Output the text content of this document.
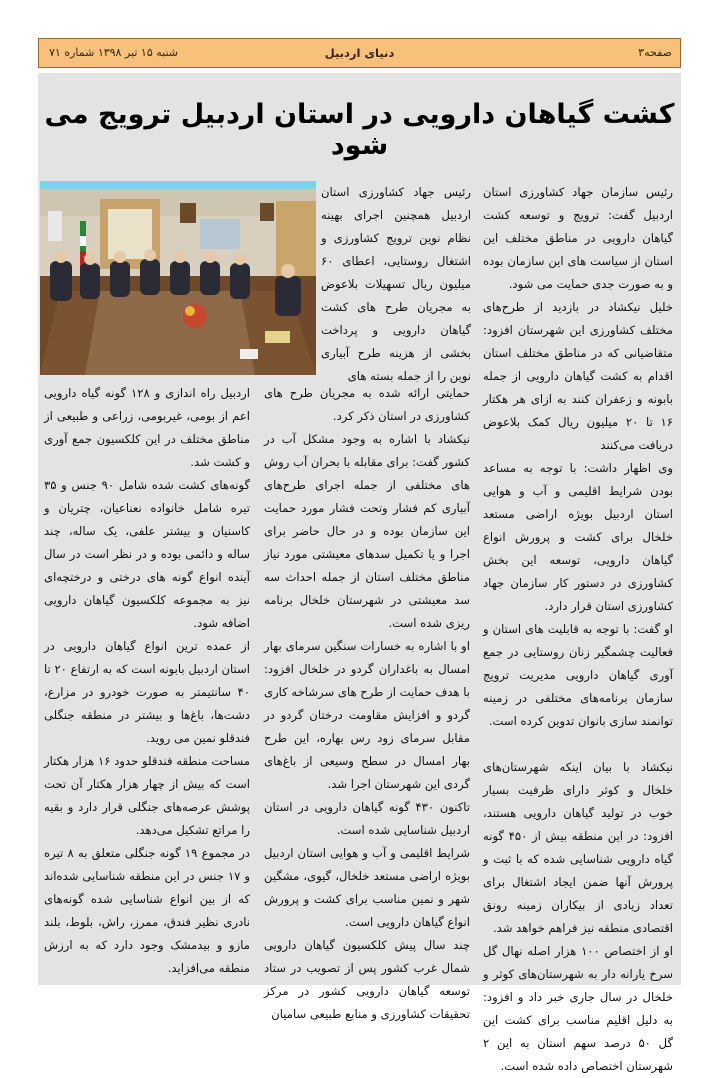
صفحه۳
دنیای اردبیل
شنبه ۱۵ تیر ۱۳۹۸ شماره ۷۱
کشت گیاهان دارویی در استان اردبیل ترویج می شود

رئیس سازمان جهاد کشاورزی استان اردبیل گفت: ترویج و توسعه کشت گیاهان دارویی در مناطق مختلف این استان از سیاست های این سازمان بوده و به صورت جدی حمایت می شود.

خلیل نیکشاد در بازدید از طرح‌های مختلف کشاورزی این شهرستان افزود: متقاضیانی که در مناطق مختلف استان اقدام به کشت گیاهان دارویی از جمله بابونه و زعفران کنند به ازای هر هکتار ۱۶ تا ۲۰ میلیون ریال کمک بلاعوض دریافت می‌کنند

وی اظهار داشت: با توجه به مساعد بودن شرایط اقلیمی و آب و هوایی استان اردبیل بویژه اراضی مستعد خلخال برای کشت و پرورش انواع گیاهان دارویی، توسعه این بخش کشاورزی در دستور کار سازمان جهاد کشاورزی استان قرار دارد.

او گفت: با توجه به قابلیت های استان و فعالیت چشمگیر زنان روستایی در جمع آوری گیاهان دارویی مدیریت ترویج سازمان برنامه‌های مختلفی در زمینه توانمند سازی بانوان تدوین کرده است.

نیکشاد با بیان اینکه شهرستان‌های خلخال و کوثر دارای ظرفیت بسیار خوب در تولید گیاهان دارویی هستند، افزود: در این منطقه بیش از ۴۵۰ گونه گیاه دارویی شناسایی شده که با ثبت و پرورش آنها ضمن ایجاد اشتغال برای تعداد زیادی از بیکاران زمینه رونق اقتصادی منطقه نیز فراهم خواهد شد.

او از اختصاص ۱۰۰ هزار اصله نهال گل سرخ یارانه دار به شهرستان‌های کوثر و خلخال در سال جاری خبر داد و افزود: به دلیل اقلیم مناسب برای کشت این گل ۵۰ درصد سهم استان به این ۲ شهرستان اختصاص داده شده است.

رئیس جهاد کشاورزی استان اردبیل همچنین اجرای بهینه نظام نوین ترویج کشاورزی و اشتغال روستایی، اعطای ۶۰ میلیون ریال تسهیلات بلاعوض به مجریان طرح های کشت گیاهان دارویی و پرداخت بخشی از هزینه طرح آبیاری نوین را از جمله بسته های

حمایتی ارائه شده به مجریان طرح های کشاورزی در استان ذکر کرد.

نیکشاد با اشاره به وجود مشکل آب در کشور گفت: برای مقابله با بحران آب روش های مختلفی از جمله اجرای طرح‌های آبیاری کم فشار وتحت فشار مورد حمایت این سازمان بوده و در حال حاضر برای اجرا و یا تکمیل سدهای معیشتی مورد نیاز مناطق مختلف استان از جمله احداث سه سد معیشتی در شهرستان خلخال برنامه ریزی شده است.

او با اشاره به خسارات سنگین سرمای بهار امسال به باغداران گردو در خلخال افزود: با هدف حمایت از طرح های سرشاخه کاری گردو و افزایش مقاومت درختان گردو در مقابل سرمای زود رس بهاره، این طرح بهار امسال در سطح وسیعی از باغ‌های گردی این شهرستان اجرا شد.

تاکنون ۴۳۰ گونه گیاهان دارویی در استان اردبیل شناسایی شده است.

شرایط اقلیمی و آب و هوایی استان اردبیل بویژه اراضی مستعد خلخال، گیوی، مشگین شهر و نمین مناسب برای کشت و پرورش انواع گیاهان دارویی است.

چند سال پیش کلکسیون گیاهان دارویی شمال غرب کشور پس از تصویب در ستاد توسعه گیاهان دارویی کشور در مرکز تحقیقات کشاورزی و منابع طبیعی سامیان

اردبیل راه اندازی و ۱۲۸ گونه گیاه دارویی اعم از بومی، غیربومی، زراعی و طبیعی از مناطق مختلف در این کلکسیون جمع آوری و کشت شد.

گونه‌های کشت شده شامل ۹۰ جنس و ۳۵ تیره شامل خانواده نعناعیان، چتریان و کاسنیان و بیشتر علفی، یک ساله، چند ساله و دائمی بوده و در نظر است در سال آینده انواع گونه های درختی و درختچه‌ای نیز به مجموعه کلکسیون گیاهان دارویی اضافه شود.

از عمده ترین انواع گیاهان دارویی در استان اردبیل بابونه است که به ارتفاع ۲۰ تا ۴۰ سانتیمتر به صورت خودرو در مزارع، دشت‌ها، باغ‌ها و بیشتر در منطقه جنگلی فندقلو نمین می روید.

مساحت منطقه فندقلو حدود ۱۶ هزار هکتار است که بیش از چهار هزار هکتار آن تحت پوشش عرصه‌های جنگلی قرار دارد و بقیه را مراتع تشکیل می‌دهد.

در مجموع ۱۹ گونه جنگلی متعلق به ۸ تیره و ۱۷ جنس در این منطقه شناسایی شده‌اند که از بین انواع شناسایی شده گونه‌های نادری نظیر فندق، ممرز، راش، بلوط، بلند مازو و بیدمشک وجود دارد که به ارزش منطقه می‌افزاید.
